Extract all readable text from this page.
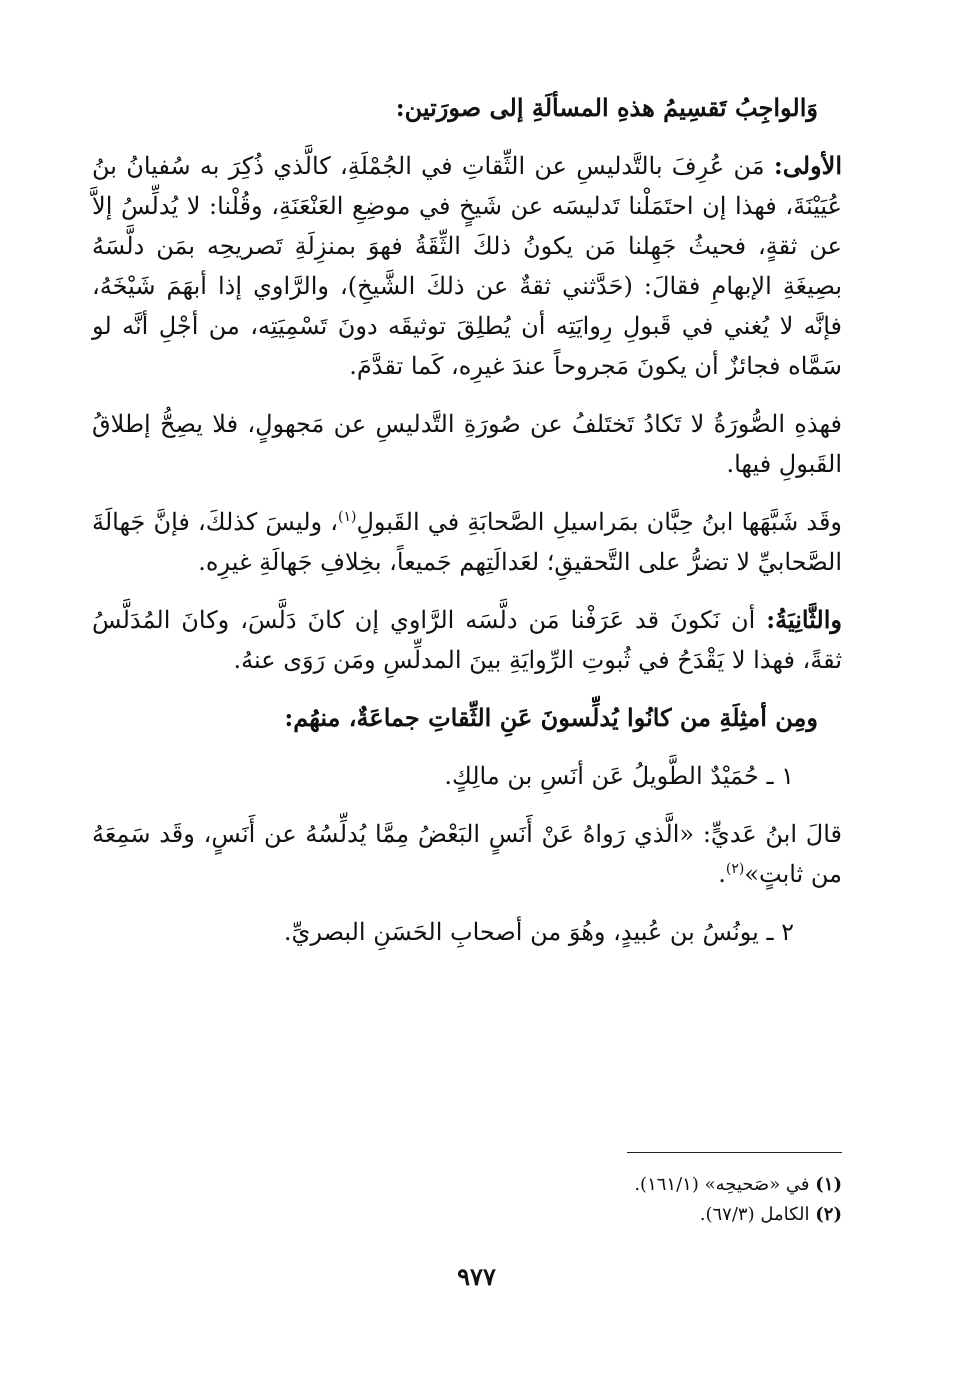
وَالواجِبُ تَقسِيمُ هذهِ المسألَةِ إلى صورَتين:

الأولى: مَن عُرِفَ بالتَّدليسِ عن الثِّقاتِ في الجُمْلَةِ، كالَّذي ذُكِرَ به سُفيانُ بنُ عُيَيْنَةَ، فهذا إن احتَمَلْنا تَدليسَه عن شَيخٍ في موضِعِ العَنْعَنَةِ، وقُلْنا: لا يُدلِّسُ إلاَّ عن ثقةٍ، فحيثُ جَهِلنا مَن يكونُ ذلكَ الثِّقَةُ فهوَ بمنزِلَةِ تَصريحِه بمَن دلَّسَهُ بصِيغَةِ الإبهامِ فقالَ: (حَدَّثني ثقةٌ عن ذلكَ الشَّيخِ)، والرَّاوي إذا أبهَمَ شَيْخَهُ، فإنَّه لا يُغني في قَبولِ رِوايَتِه أن يُطلِقَ توثيقَه دونَ تَسْمِيَتِه، من أجْلِ أنَّه لو سَمَّاه فجائزٌ أن يكونَ مَجروحاً عندَ غيرِه، كَما تقدَّمَ.

فهذهِ الصُّورَةُ لا تَكادُ تَختَلفُ عن صُورَةِ التَّدليسِ عن مَجهولٍ، فلا يصِحُّ إطلاقُ القَبولِ فيها.

وقَد شَبَّهَها ابنُ حِبَّان بمَراسيلِ الصَّحابَةِ في القَبولِ$^{(١)}$، وليسَ كذلكَ، فإنَّ جَهالَةَ الصَّحابيِّ لا تضرُّ على التَّحقيقِ؛ لعَدالَتِهم جَميعاً، بخِلافِ جَهالَةِ غيرِه.

والثَّانِيَةُ: أن نَكونَ قد عَرَفْنا مَن دلَّسَه الرَّاوي إن كانَ دَلَّسَ، وكانَ المُدَلَّسُ ثقةً، فهذا لا يَقْدَحُ في ثُبوتِ الرِّوايَةِ بينَ المدلِّسِ ومَن رَوَى عنهُ.

ومِن أمثِلَةِ من كانُوا يُدلِّسونَ عَنِ الثِّقاتِ جماعَةٌ، منهُم:

١ ـ حُمَيْدٌ الطَّويلُ عَن أنَسِ بن مالِكٍ.

قالَ ابنُ عَديٍّ: «الَّذي رَواهُ عَنْ أَنَسٍ البَعْضُ مِمَّا يُدلِّسُهُ عن أَنَسٍ، وقَد سَمِعَهُ من ثابتٍ»$^{(٢)}$.

٢ ـ يونُسُ بن عُبيدٍ، وهُوَ من أصحابِ الحَسَنِ البصريِّ.

(١) في «صَحيحِه» (١٦١/١).
(٢) الكامل (٦٧/٣).
٩٧٧
